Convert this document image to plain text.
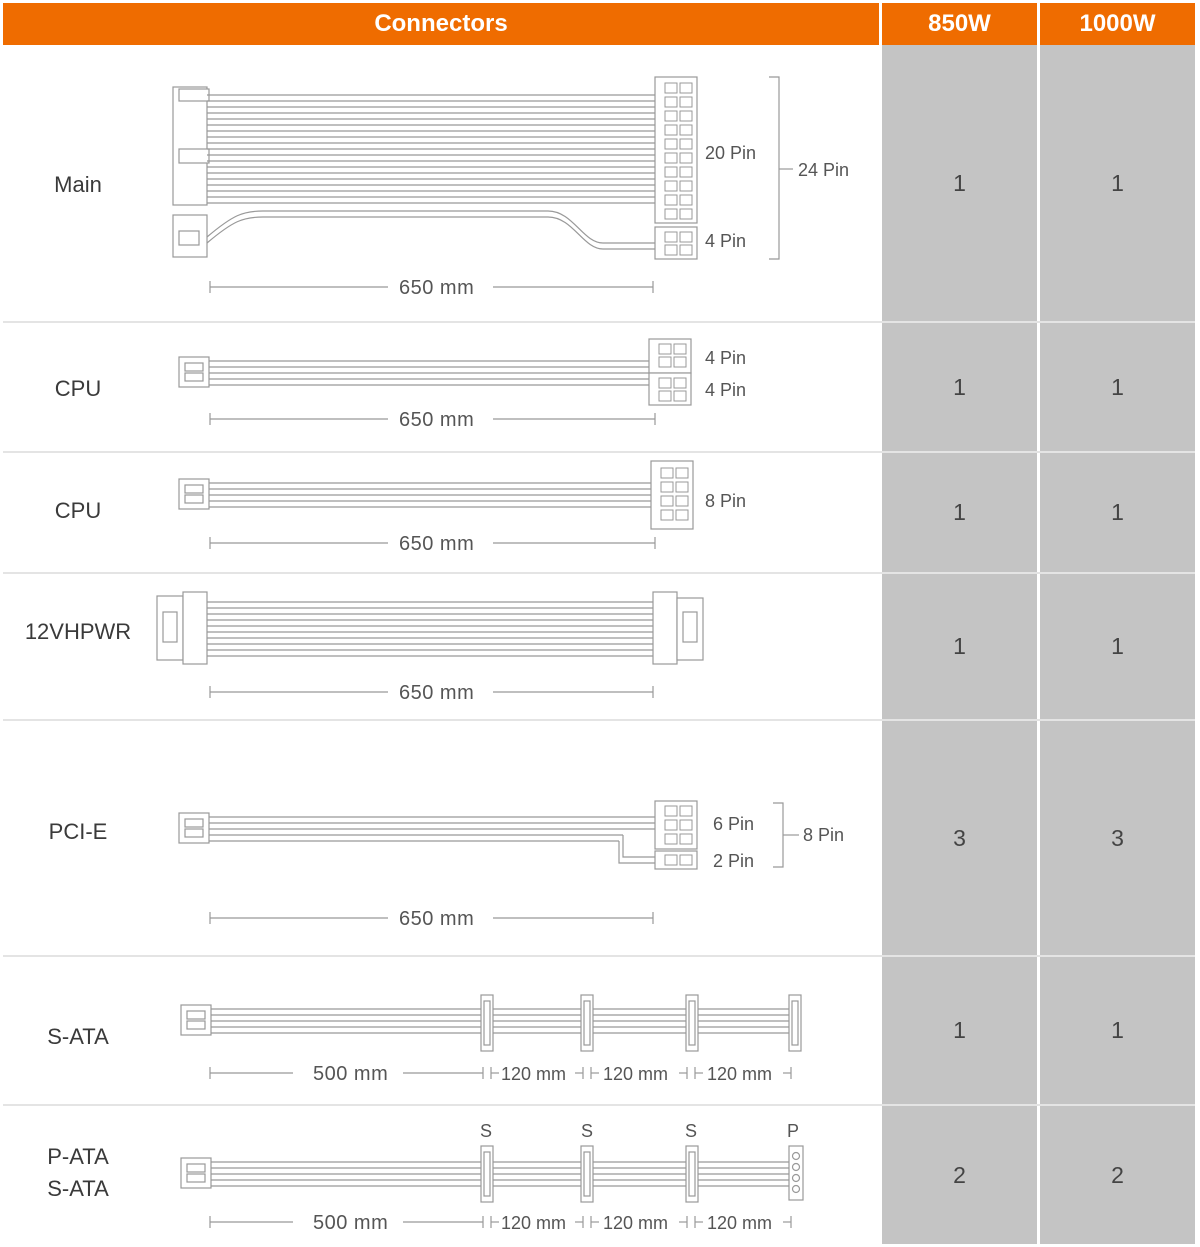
Connectors	850W	1000W
Main
20 Pin
4 Pin
24 Pin
650 mm
1	1
CPU
4 Pin
4 Pin
650 mm
1	1
CPU	8 Pin
650 mm
1	1
12VHPWR
650 mm
1	1
PCI-E	6 Pin
2 Pin
8 Pin
650 mm
3	3
S-ATA
500 mm	120 mm 120 mm 120 mm
1	1
P-ATA
S-ATA
S	S	S	P
500 mm	120 mm 120 mm 120 mm
2	2
